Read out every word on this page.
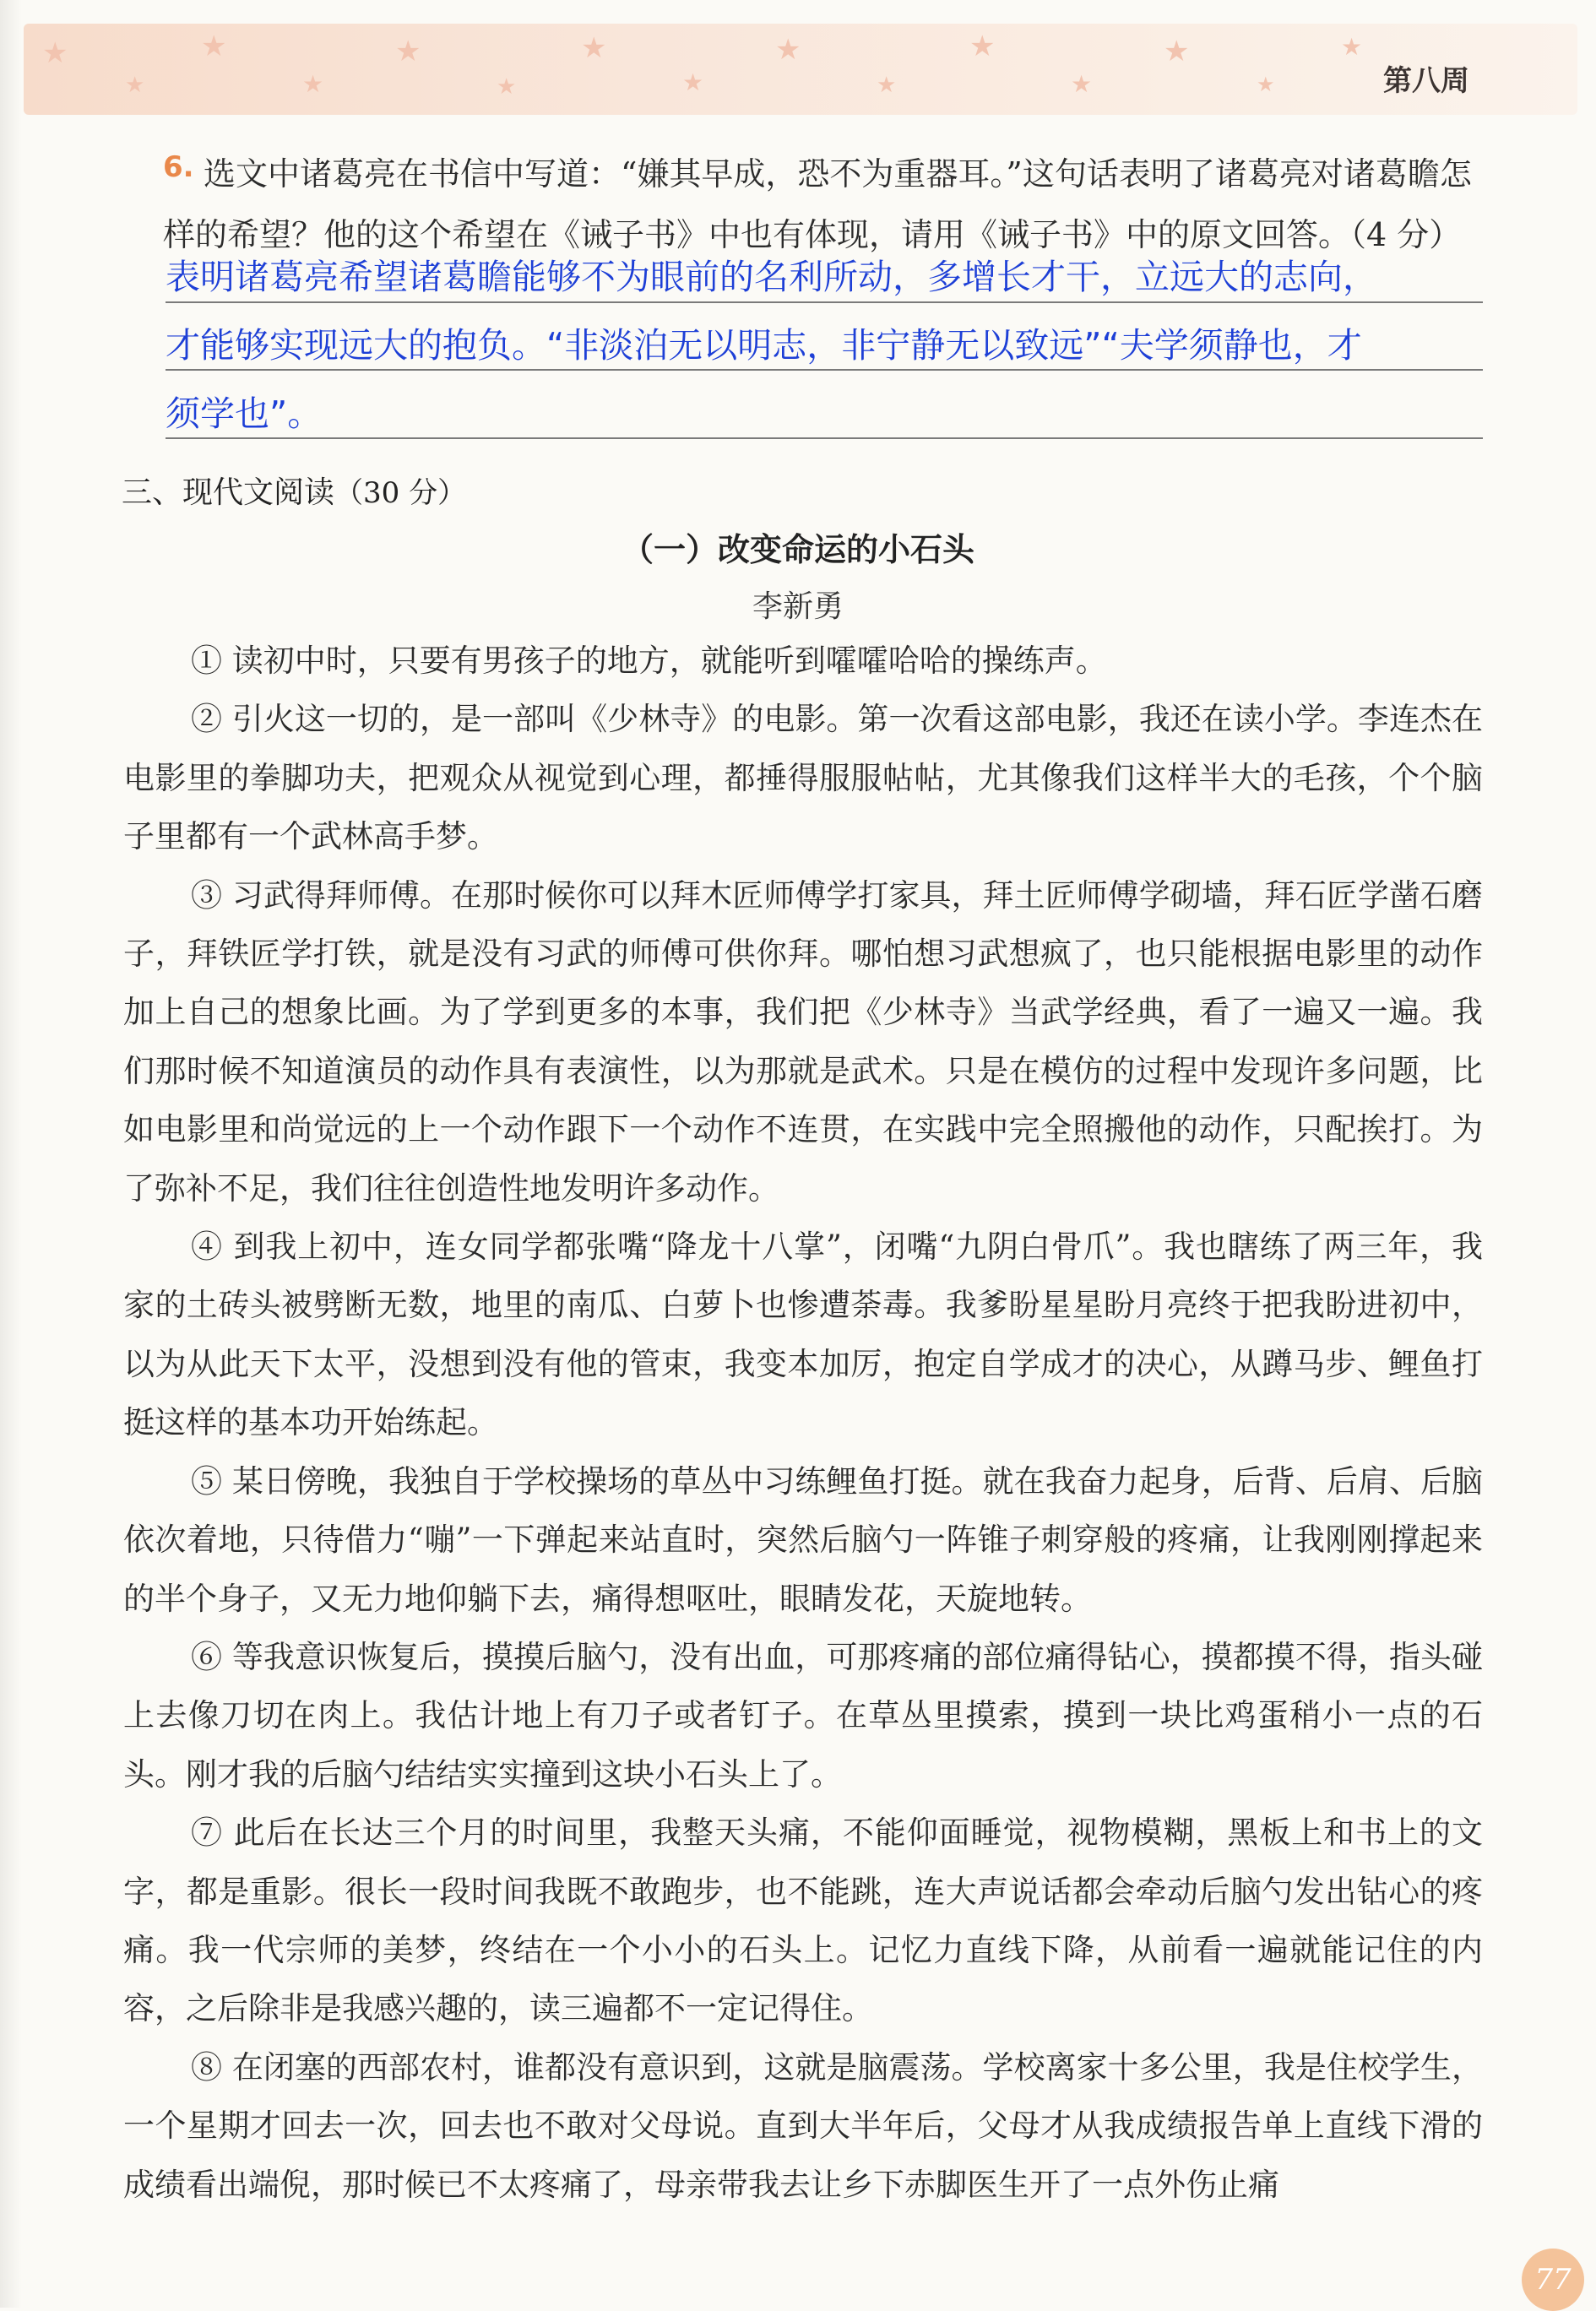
★
★
★
★
★
★
★
★
★
★
★
★
★
★
★
第八周
6. 选文中诸葛亮在书信中写道：“嫌其早成，恐不为重器耳。”这句话表明了诸葛亮对诸葛瞻怎样的希望？他的这个希望在《诫子书》中也有体现，请用《诫子书》中的原文回答。（4 分）
表明诸葛亮希望诸葛瞻能够不为眼前的名利所动，多增长才干，立远大的志向，
才能够实现远大的抱负。“非淡泊无以明志，非宁静无以致远”“夫学须静也，才
须学也”。
三、现代文阅读（30 分）
（一）改变命运的小石头
李新勇

① 读初中时，只要有男孩子的地方，就能听到嚯嚯哈哈的操练声。

② 引火这一切的，是一部叫《少林寺》的电影。第一次看这部电影，我还在读小学。李连杰在电影里的拳脚功夫，把观众从视觉到心理，都捶得服服帖帖，尤其像我们这样半大的毛孩，个个脑子里都有一个武林高手梦。

③ 习武得拜师傅。在那时候你可以拜木匠师傅学打家具，拜土匠师傅学砌墙，拜石匠学凿石磨子，拜铁匠学打铁，就是没有习武的师傅可供你拜。哪怕想习武想疯了，也只能根据电影里的动作加上自己的想象比画。为了学到更多的本事，我们把《少林寺》当武学经典，看了一遍又一遍。我们那时候不知道演员的动作具有表演性，以为那就是武术。只是在模仿的过程中发现许多问题，比如电影里和尚觉远的上一个动作跟下一个动作不连贯，在实践中完全照搬他的动作，只配挨打。为了弥补不足，我们往往创造性地发明许多动作。

④ 到我上初中，连女同学都张嘴“降龙十八掌”，闭嘴“九阴白骨爪”。我也瞎练了两三年，我家的土砖头被劈断无数，地里的南瓜、白萝卜也惨遭荼毒。我爹盼星星盼月亮终于把我盼进初中，以为从此天下太平，没想到没有他的管束，我变本加厉，抱定自学成才的决心，从蹲马步、鲤鱼打挺这样的基本功开始练起。

⑤ 某日傍晚，我独自于学校操场的草丛中习练鲤鱼打挺。就在我奋力起身，后背、后肩、后脑依次着地，只待借力“嘣”一下弹起来站直时，突然后脑勺一阵锥子刺穿般的疼痛，让我刚刚撑起来的半个身子，又无力地仰躺下去，痛得想呕吐，眼睛发花，天旋地转。

⑥ 等我意识恢复后，摸摸后脑勺，没有出血，可那疼痛的部位痛得钻心，摸都摸不得，指头碰上去像刀切在肉上。我估计地上有刀子或者钉子。在草丛里摸索，摸到一块比鸡蛋稍小一点的石头。刚才我的后脑勺结结实实撞到这块小石头上了。

⑦ 此后在长达三个月的时间里，我整天头痛，不能仰面睡觉，视物模糊，黑板上和书上的文字，都是重影。很长一段时间我既不敢跑步，也不能跳，连大声说话都会牵动后脑勺发出钻心的疼痛。我一代宗师的美梦，终结在一个小小的石头上。记忆力直线下降，从前看一遍就能记住的内容，之后除非是我感兴趣的，读三遍都不一定记得住。

⑧ 在闭塞的西部农村，谁都没有意识到，这就是脑震荡。学校离家十多公里，我是住校学生，一个星期才回去一次，回去也不敢对父母说。直到大半年后，父母才从我成绩报告单上直线下滑的成绩看出端倪，那时候已不太疼痛了，母亲带我去让乡下赤脚医生开了一点外伤止痛

77
